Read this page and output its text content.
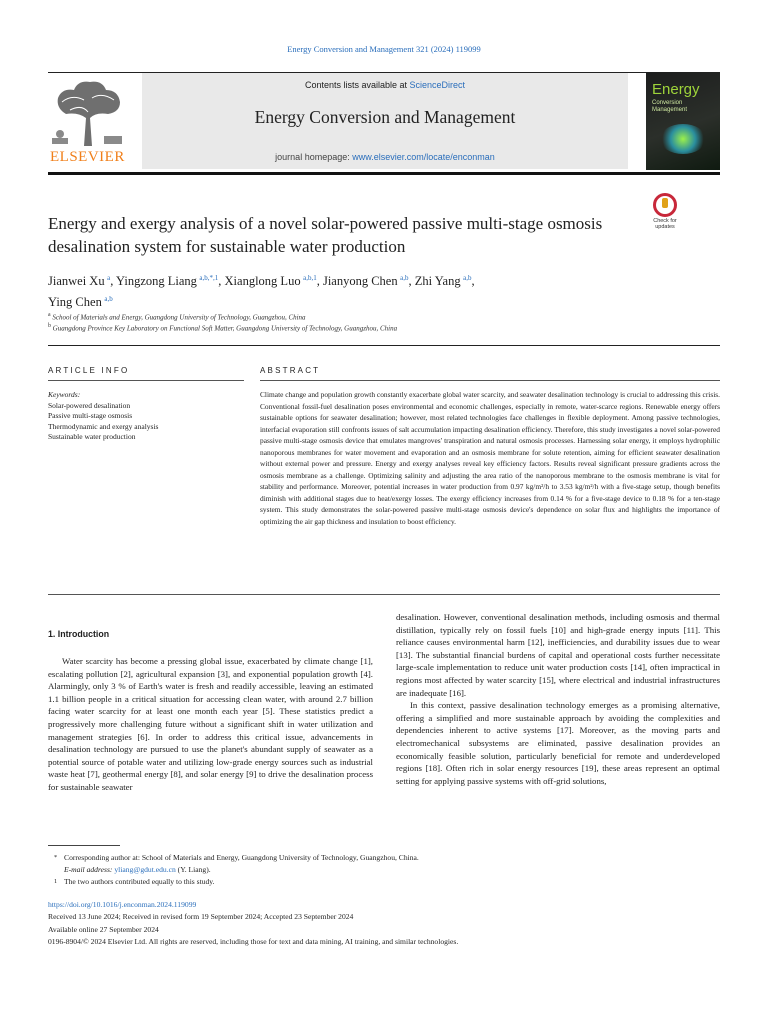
Energy Conversion and Management 321 (2024) 119099
ELSEVIER
Contents lists available at ScienceDirect
Energy Conversion and Management
journal homepage: www.elsevier.com/locate/enconman
Energy
Conversion
Management
Energy and exergy analysis of a novel solar-powered passive multi-stage osmosis desalination system for sustainable water production
Check for
updates
Jianwei Xu  $^a$, Yingzong Liang  $^{a,b,*,1}$, Xianglong Luo  $^{a,b,1}$, Jianyong Chen  $^{a,b}$, Zhi Yang  $^{a,b}$,
Ying Chen  $^{a,b}$
$^a$ School of Materials and Energy, Guangdong University of Technology, Guangzhou, China
$^b$ Guangdong Province Key Laboratory on Functional Soft Matter, Guangdong University of Technology, Guangzhou, China
ARTICLE INFO
Keywords:
Solar-powered desalination
Passive multi-stage osmosis
Thermodynamic and exergy analysis
Sustainable water production
ABSTRACT
Climate change and population growth constantly exacerbate global water scarcity, and seawater desalination technology is crucial to addressing this crisis. Conventional fossil-fuel desalination poses environmental and economic challenges, especially in remote, water-scarce regions. Renewable energy offers sustainable options for seawater desalination; however, most related technologies face challenges in flexible deployment. Among passive technologies, interfacial evaporation still confronts issues of salt accumulation impacting desalination efficiency. Therefore, this study investigates a novel solar-powered passive multi-stage osmosis device that emulates mangroves' transpiration and natural osmosis processes. Harnessing solar energy, it employs hydrophilic nanoporous membranes for water movement and evaporation and an osmosis membrane for solute retention, aiming for efficient seawater desalination without external power and pressure. Energy and exergy analyses reveal key efficiency factors. Results reveal significant pressure gradients across the osmosis membrane as a challenge. Optimizing salinity and adjusting the area ratio of the nanoporous membrane to the osmosis membrane is vital for stability and performance. Moreover, potential increases in water production from 0.97 kg/m²/h to 3.53 kg/m²/h with a five-stage setup, though benefits diminish with additional stages due to heat/exergy losses. The exergy efficiency increases from 0.14 % for a five-stage device to 0.18 % for a ten-stage system. This study demonstrates the solar-powered passive multi-stage osmosis device's dependence on solar flux and highlights the importance of optimizing the air gap thickness and insulation to boost efficiency.
1. Introduction

Water scarcity has become a pressing global issue, exacerbated by climate change [1], escalating pollution [2], agricultural expansion [3], and exponential population growth [4]. Alarmingly, only 3 % of Earth's water is fresh and readily accessible, leaving an estimated 1.1 billion people in a critical situation for accessing clean water, with around 2.7 billion facing water scarcity for at least one month each year [5]. These statistics predict a progressively more challenging future without a significant shift in water utilization and management strategies [6]. In order to address this critical issue, advancements in desalination technology are pursued to use the planet's abundant supply of seawater as a potential source of potable water and utilizing low-grade energy sources such as industrial waste heat [7], geothermal energy [8], and solar energy [9] to drive the desalination process for sustainable seawater

desalination. However, conventional desalination methods, including osmosis and thermal distillation, typically rely on fossil fuels [10] and high-grade energy inputs [11]. This reliance causes environmental harm [12], inefficiencies, and durability issues due to wear [13]. The substantial financial burdens of capital and operational costs further necessitate large-scale implementation to reduce unit water production costs [14], often impractical in regions most affected by water scarcity [15], where electrical and industrial infrastructures are inadequate [16].

In this context, passive desalination technology emerges as a promising alternative, offering a simplified and more sustainable approach by avoiding the complexities and dependencies inherent to active systems [17]. Moreover, as the moving parts and electromechanical subsystems are eliminated, passive desalination provides an economically feasible solution, particularly beneficial for remote and underdeveloped regions [18]. Often rich in solar energy resources [19], these areas represent an optimal setting for applying passive systems with off-grid solutions,

* Corresponding author at: School of Materials and Energy, Guangdong University of Technology, Guangzhou, China.
E-mail address: yliang@gdut.edu.cn (Y. Liang).
1 The two authors contributed equally to this study.
https://doi.org/10.1016/j.enconman.2024.119099
Received 13 June 2024; Received in revised form 19 September 2024; Accepted 23 September 2024
Available online 27 September 2024
0196-8904/© 2024 Elsevier Ltd. All rights are reserved, including those for text and data mining, AI training, and similar technologies.
